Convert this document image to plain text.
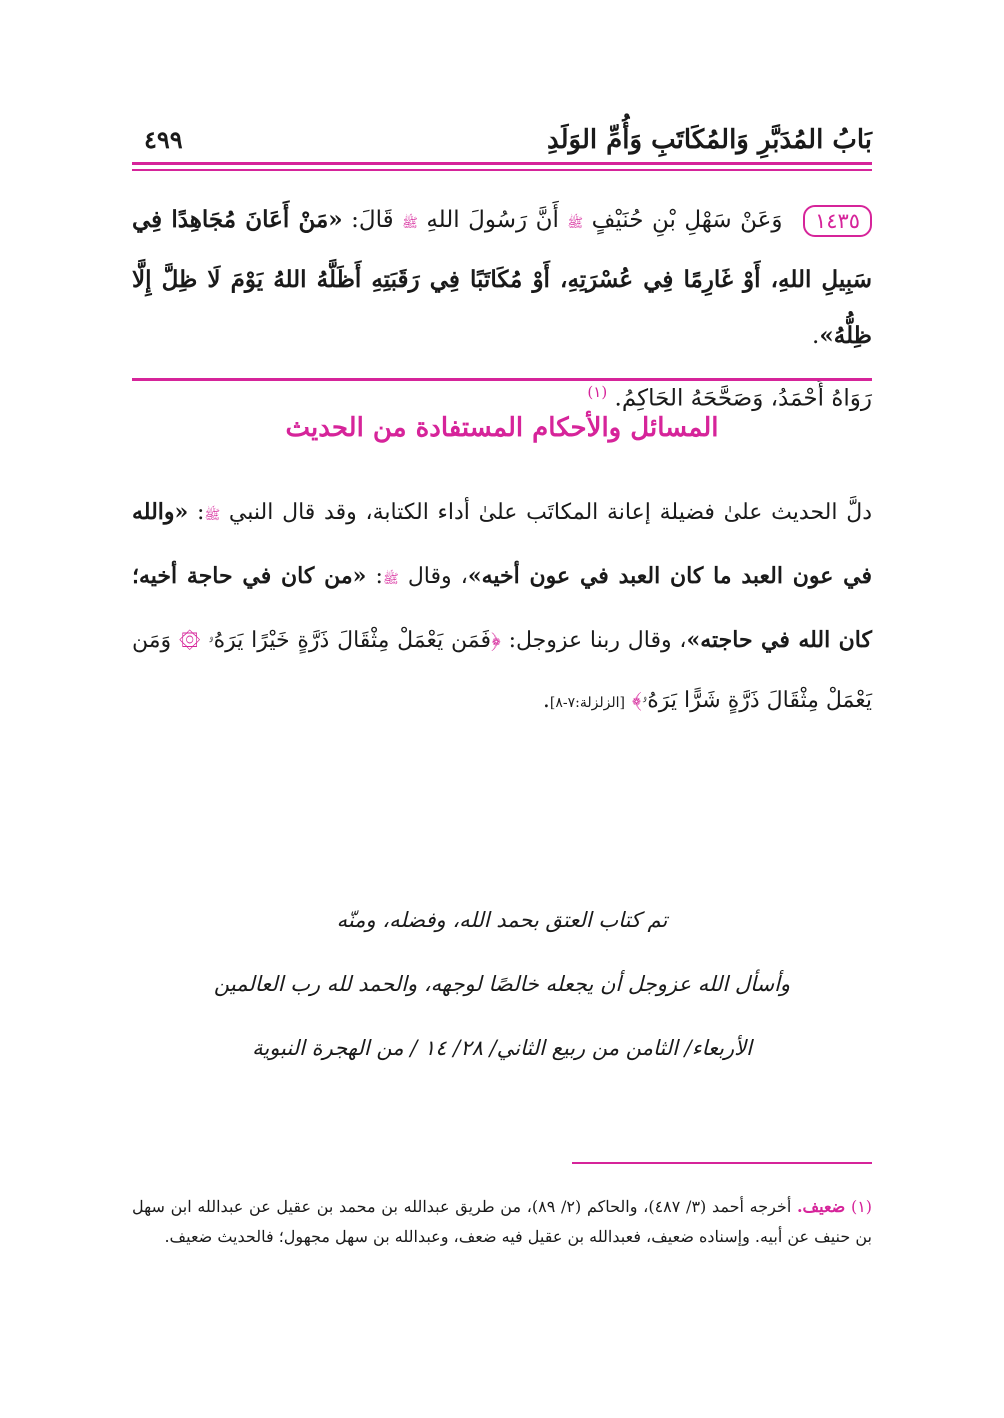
بَابُ المُدَبَّرِ وَالمُكَاتَبِ وَأُمِّ الوَلَدِ
٤٩٩
١٤٣٥ وَعَنْ سَهْلِ بْنِ حُنَيْفٍ ﷺ أَنَّ رَسُولَ اللهِ ﷺ قَالَ: «مَنْ أَعَانَ مُجَاهِدًا فِي سَبِيلِ اللهِ، أَوْ غَارِمًا فِي عُسْرَتِهِ، أَوْ مُكَاتَبًا فِي رَقَبَتِهِ أَظَلَّهُ اللهُ يَوْمَ لَا ظِلَّ إِلَّا ظِلُّهُ».
رَوَاهُ أَحْمَدُ، وَصَحَّحَهُ الحَاكِمُ. $^{(١)}$
المسائل والأحكام المستفادة من الحديث
دلَّ الحديث علىٰ فضيلة إعانة المكاتَب علىٰ أداء الكتابة، وقد قال النبي ﷺ: «والله في عون العبد ما كان العبد في عون أخيه»، وقال ﷺ: «من كان في حاجة أخيه؛ كان الله في حاجته»، وقال ربنا عزوجل: ﴿فَمَن يَعْمَلْ مِثْقَالَ ذَرَّةٍ خَيْرًا يَرَهُۥ ۞ وَمَن يَعْمَلْ مِثْقَالَ ذَرَّةٍ شَرًّا يَرَهُۥ﴾ [الزلزلة:٧-٨].
تم كتاب العتق بحمد الله، وفضله، ومنّه
وأسأل الله عزوجل أن يجعله خالصًا لوجهه، والحمد لله رب العالمين
الأربعاء/ الثامن من ربيع الثاني/ ٢٨/ ١٤ / من الهجرة النبوية
(١) ضعيف. أخرجه أحمد (٣/ ٤٨٧)، والحاكم (٢/ ٨٩)، من طريق عبدالله بن محمد بن عقيل عن عبدالله ابن سهل بن حنيف عن أبيه. وإسناده ضعيف، فعبدالله بن عقيل فيه ضعف، وعبدالله بن سهل مجهول؛ فالحديث ضعيف.
